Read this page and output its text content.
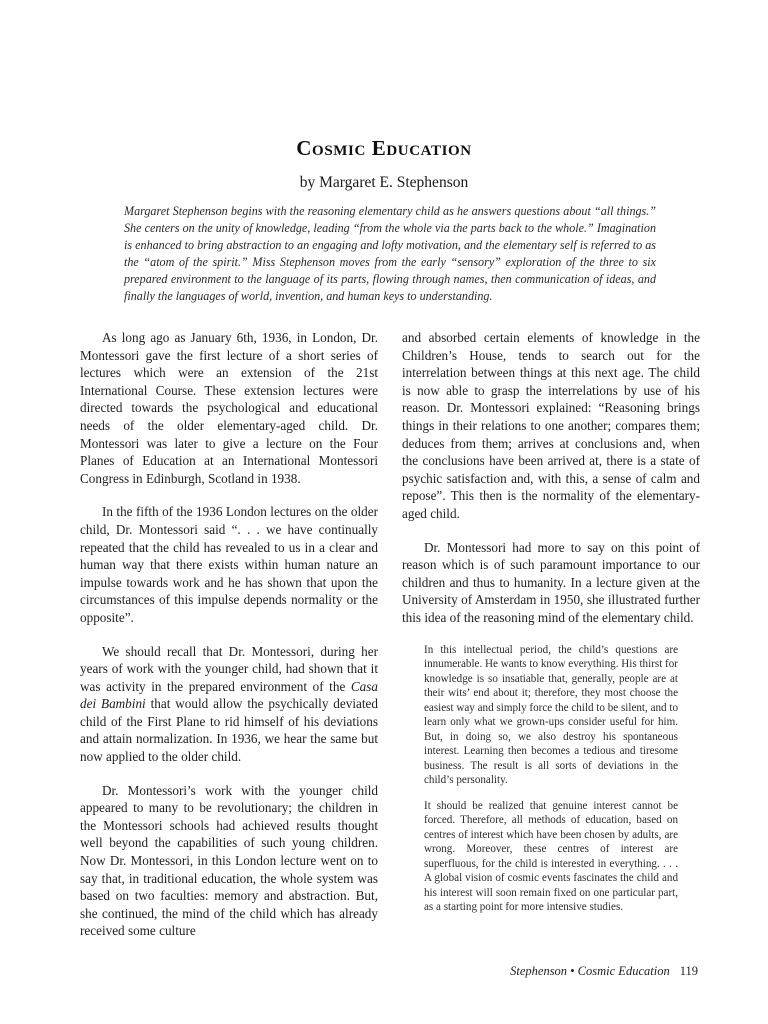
Cosmic Education
by Margaret E. Stephenson
Margaret Stephenson begins with the reasoning elementary child as he answers questions about “all things.” She centers on the unity of knowledge, leading “from the whole via the parts back to the whole.” Imagination is enhanced to bring abstraction to an engaging and lofty motivation, and the elementary self is referred to as the “atom of the spirit.” Miss Stephenson moves from the early “sensory” exploration of the three to six prepared environment to the language of its parts, flowing through names, then communication of ideas, and finally the languages of world, invention, and human keys to understanding.

As long ago as January 6th, 1936, in London, Dr. Montessori gave the first lecture of a short series of lectures which were an extension of the 21st International Course. These extension lectures were directed towards the psychological and educational needs of the older elementary-aged child. Dr. Montessori was later to give a lecture on the Four Planes of Education at an International Montessori Congress in Edinburgh, Scotland in 1938.

In the fifth of the 1936 London lectures on the older child, Dr. Montessori said “. . . we have continually repeated that the child has revealed to us in a clear and human way that there exists within human nature an impulse towards work and he has shown that upon the circumstances of this impulse depends normality or the opposite”.

We should recall that Dr. Montessori, during her years of work with the younger child, had shown that it was activity in the prepared environment of the Casa dei Bambini that would allow the psychically deviated child of the First Plane to rid himself of his deviations and attain normalization. In 1936, we hear the same but now applied to the older child.

Dr. Montessori’s work with the younger child appeared to many to be revolutionary; the children in the Montessori schools had achieved results thought well beyond the capabilities of such young children. Now Dr. Montessori, in this London lecture went on to say that, in traditional education, the whole system was based on two faculties: memory and abstraction. But, she continued, the mind of the child which has already received some culture

and absorbed certain elements of knowledge in the Children’s House, tends to search out for the interrelation between things at this next age. The child is now able to grasp the interrelations by use of his reason. Dr. Montessori explained: “Reasoning brings things in their relations to one another; compares them; deduces from them; arrives at conclusions and, when the conclusions have been arrived at, there is a state of psychic satisfaction and, with this, a sense of calm and repose”. This then is the normality of the elementary-aged child.

Dr. Montessori had more to say on this point of reason which is of such paramount importance to our children and thus to humanity. In a lecture given at the University of Amsterdam in 1950, she illustrated further this idea of the reasoning mind of the elementary child.

In this intellectual period, the child’s questions are innumerable. He wants to know everything. His thirst for knowledge is so insatiable that, generally, people are at their wits’ end about it; therefore, they most choose the easiest way and simply force the child to be silent, and to learn only what we grown-ups consider useful for him. But, in doing so, we also destroy his spontaneous interest. Learning then becomes a tedious and tiresome business. The result is all sorts of deviations in the child’s personality.

It should be realized that genuine interest cannot be forced. Therefore, all methods of education, based on centres of interest which have been chosen by adults, are wrong. Moreover, these centres of interest are superfluous, for the child is interested in everything. . . . A global vision of cosmic events fascinates the child and his interest will soon remain fixed on one particular part, as a starting point for more intensive studies.

Stephenson • Cosmic Education 119
